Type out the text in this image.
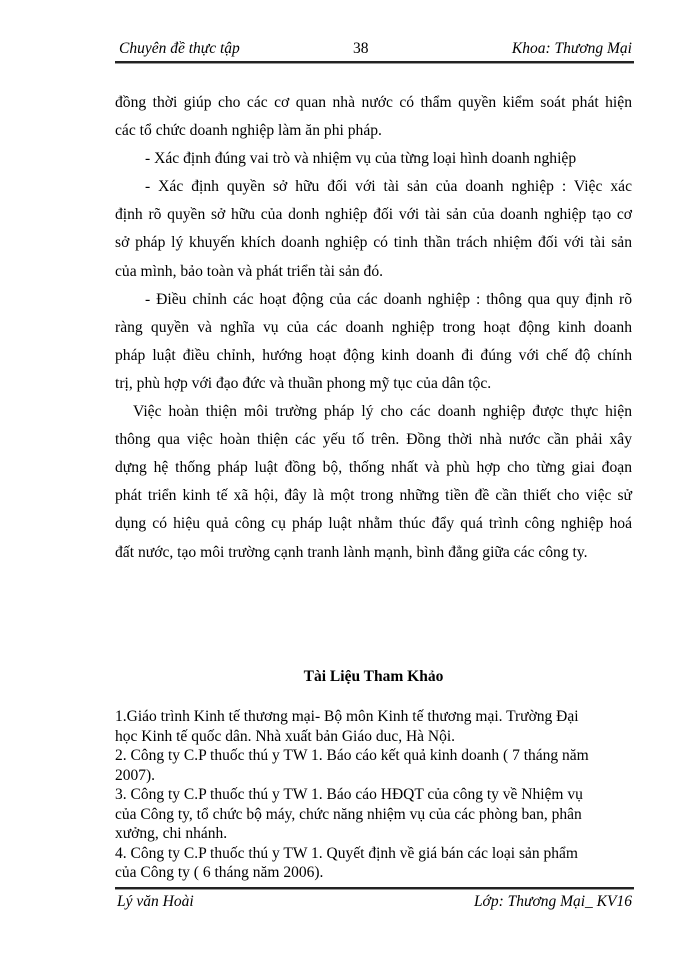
Chuyên đề thực tập	38	Khoa: Thương Mại
đồng thời giúp cho các cơ quan nhà nước có thẩm quyền kiểm soát phát hiện
các tổ chức doanh nghiệp làm ăn phi pháp.
- Xác định đúng vai trò và nhiệm vụ của từng loại hình doanh nghiệp
- Xác định quyền sở hữu đối với tài sản của doanh nghiệp : Việc xác
định rõ quyền sở hữu của donh nghiệp đối với tài sản của doanh nghiệp tạo cơ
sở pháp lý khuyến khích doanh nghiệp có tinh thần trách nhiệm đối với tài sản
của mình, bảo toàn và phát triển tài sản đó.
- Điều chỉnh các hoạt động của các doanh nghiệp : thông qua quy định rõ
ràng quyền và nghĩa vụ của các doanh nghiệp trong hoạt động kinh doanh
pháp luật điều chỉnh, hướng hoạt động kinh doanh đi đúng với chế độ chính
trị, phù hợp với đạo đức và thuần phong mỹ tục của dân tộc.
Việc hoàn thiện môi trường pháp lý cho các doanh nghiệp được thực hiện
thông qua việc hoàn thiện các yếu tố trên. Đồng thời nhà nước cần phải xây
dựng hệ thống pháp luật đồng bộ, thống nhất và phù hợp cho từng giai đoạn
phát triển kinh tế xã hội, đây là một trong những tiền đề cần thiết cho việc sử
dụng có hiệu quả công cụ pháp luật nhằm thúc đẩy quá trình công nghiệp hoá
đất nước, tạo môi trường cạnh tranh lành mạnh, bình đẳng giữa các công ty.
Tài Liệu Tham Khảo
1.Giáo trình Kinh tế thương mại- Bộ môn Kinh tế thương mại. Trường Đại
học Kinh tế quốc dân. Nhà xuất bản Giáo duc, Hà Nội.
2. Công ty C.P thuốc thú y TW 1. Báo cáo kết quả kinh doanh ( 7 tháng năm
2007).
3. Công ty C.P thuốc thú y TW 1. Báo cáo HĐQT của công ty về Nhiệm vụ
của Công ty, tổ chức bộ máy, chức năng nhiệm vụ của các phòng ban, phân
xưởng, chi nhánh.
4. Công ty C.P thuốc thú y TW 1. Quyết định về giá bán các loại sản phẩm
của Công ty ( 6 tháng năm 2006).
Lý văn Hoài	Lớp: Thương Mại_ KV16
